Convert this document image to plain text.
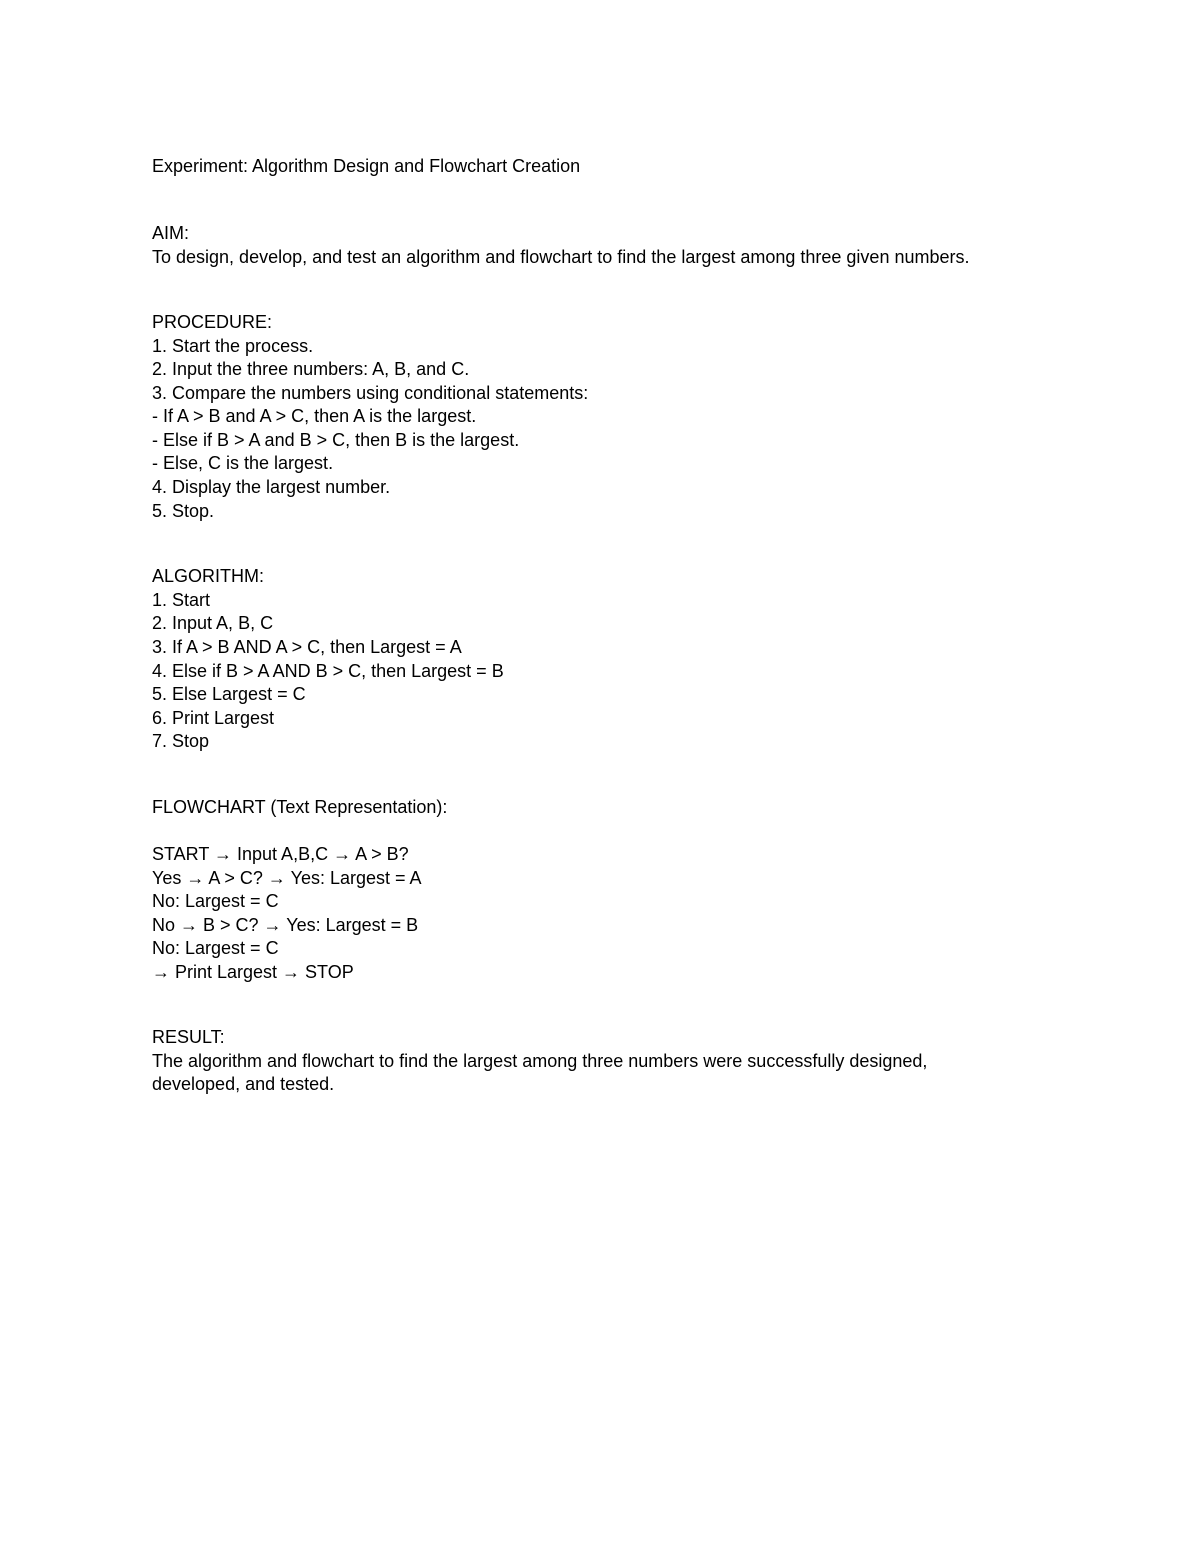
Experiment: Algorithm Design and Flowchart Creation

AIM:

To design, develop, and test an algorithm and flowchart to find the largest among three given numbers.

PROCEDURE:

1. Start the process.

2. Input the three numbers: A, B, and C.

3. Compare the numbers using conditional statements:

- If A > B and A > C, then A is the largest.

- Else if B > A and B > C, then B is the largest.

- Else, C is the largest.

4. Display the largest number.

5. Stop.

ALGORITHM:

1. Start

2. Input A, B, C

3. If A > B AND A > C, then Largest = A

4. Else if B > A AND B > C, then Largest = B

5. Else Largest = C

6. Print Largest

7. Stop

FLOWCHART (Text Representation):

START → Input A,B,C → A > B?

Yes → A > C? → Yes: Largest = A

No: Largest = C

No → B > C? → Yes: Largest = B

No: Largest = C

→ Print Largest → STOP

RESULT:

The algorithm and flowchart to find the largest among three numbers were successfully designed,

developed, and tested.
